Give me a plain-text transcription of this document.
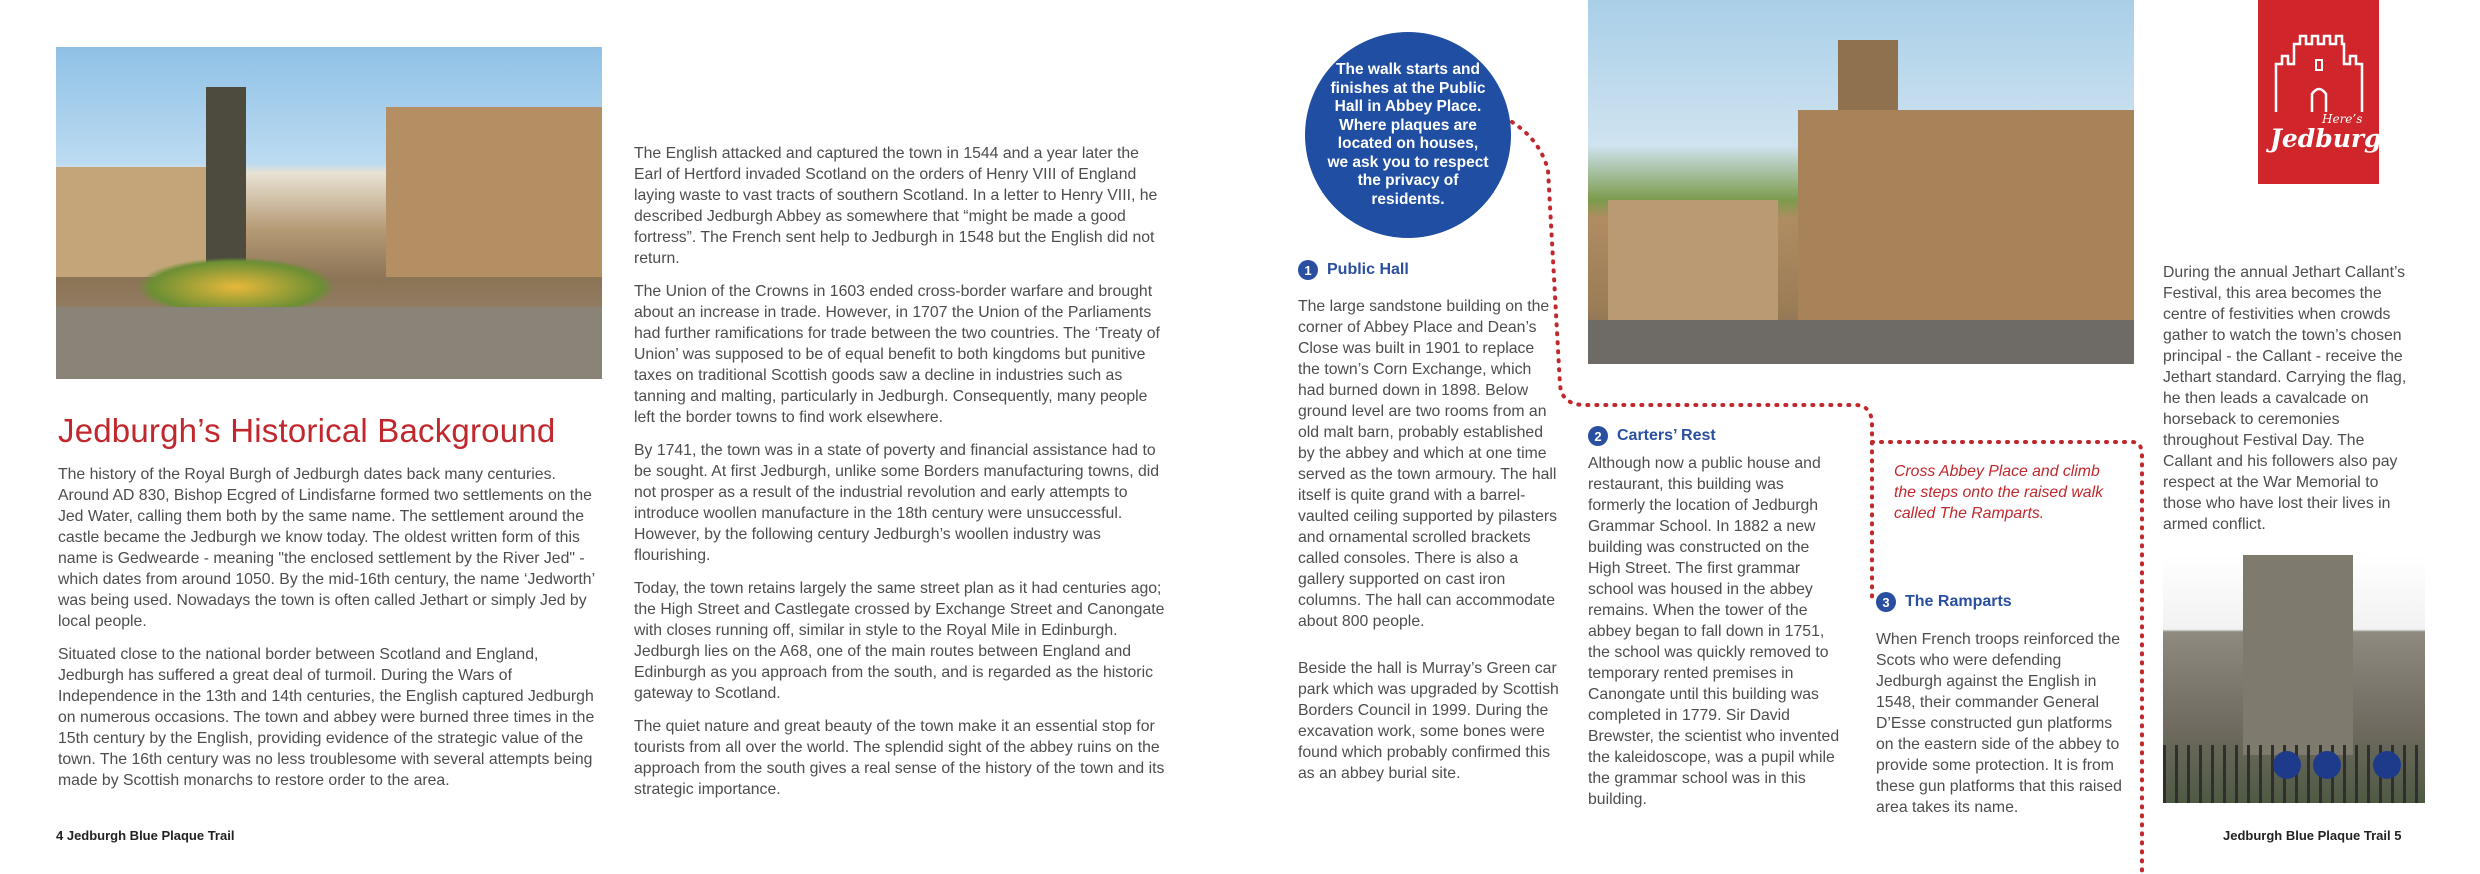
Jedburgh’s Historical Background

The history of the Royal Burgh of Jedburgh dates back many centuries. Around AD 830, Bishop Ecgred of Lindisfarne formed two settlements on the Jed Water, calling them both by the same name. The settlement around the castle became the Jedburgh we know today. The oldest written form of this name is Gedwearde - meaning "the enclosed settlement by the River Jed" - which dates from around 1050. By the mid-16th century, the name ‘Jedworth’ was being used. Nowadays the town is often called Jethart or simply Jed by local people.

Situated close to the national border between Scotland and England, Jedburgh has suffered a great deal of turmoil. During the Wars of Independence in the 13th and 14th centuries, the English captured Jedburgh on numerous occasions. The town and abbey were burned three times in the 15th century by the English, providing evidence of the strategic value of the town. The 16th century was no less troublesome with several attempts being made by Scottish monarchs to restore order to the area.

The English attacked and captured the town in 1544 and a year later the Earl of Hertford invaded Scotland on the orders of Henry VIII of England laying waste to vast tracts of southern Scotland. In a letter to Henry VIII, he described Jedburgh Abbey as somewhere that “might be made a good fortress”. The French sent help to Jedburgh in 1548 but the English did not return.

The Union of the Crowns in 1603 ended cross-border warfare and brought about an increase in trade. However, in 1707 the Union of the Parliaments had further ramifications for trade between the two countries. The ‘Treaty of Union’ was supposed to be of equal benefit to both kingdoms but punitive taxes on traditional Scottish goods saw a decline in industries such as tanning and malting, particularly in Jedburgh. Consequently, many people left the border towns to find work elsewhere.

By 1741, the town was in a state of poverty and financial assistance had to be sought. At first Jedburgh, unlike some Borders manufacturing towns, did not prosper as a result of the industrial revolution and early attempts to introduce woollen manufacture in the 18th century were unsuccessful. However, by the following century Jedburgh’s woollen industry was flourishing.

Today, the town retains largely the same street plan as it had centuries ago; the High Street and Castlegate crossed by Exchange Street and Canongate with closes running off, similar in style to the Royal Mile in Edinburgh. Jedburgh lies on the A68, one of the main routes between England and Edinburgh as you approach from the south, and is regarded as the historic gateway to Scotland.

The quiet nature and great beauty of the town make it an essential stop for tourists from all over the world. The splendid sight of the abbey ruins on the approach from the south gives a real sense of the history of the town and its strategic importance.

4 Jedburgh Blue Plaque Trail
The walk starts and finishes at the Public Hall in Abbey Place. Where plaques are located on houses, we ask you to respect the privacy of residents.
Here’s
Jedburgh
1 Public Hall

The large sandstone building on the corner of Abbey Place and Dean’s Close was built in 1901 to replace the town’s Corn Exchange, which had burned down in 1898. Below ground level are two rooms from an old malt barn, probably established by the abbey and which at one time served as the town armoury. The hall itself is quite grand with a barrel-vaulted ceiling supported by pilasters and ornamental scrolled brackets called consoles. There is also a gallery supported on cast iron columns. The hall can accommodate about 800 people.

Beside the hall is Murray’s Green car park which was upgraded by Scottish Borders Council in 1999. During the excavation work, some bones were found which probably confirmed this as an abbey burial site.

2 Carters’ Rest

Although now a public house and restaurant, this building was formerly the location of Jedburgh Grammar School. In 1882 a new building was constructed on the High Street. The first grammar school was housed in the abbey remains. When the tower of the abbey began to fall down in 1751, the school was quickly removed to temporary rented premises in Canongate until this building was completed in 1779. Sir David Brewster, the scientist who invented the kaleidoscope, was a pupil while the grammar school was in this building.

Cross Abbey Place and climb the steps onto the raised walk called The Ramparts.
3 The Ramparts

When French troops reinforced the Scots who were defending Jedburgh against the English in 1548, their commander General D’Esse constructed gun platforms on the eastern side of the abbey to provide some protection. It is from these gun platforms that this raised area takes its name.

During the annual Jethart Callant’s Festival, this area becomes the centre of festivities when crowds gather to watch the town’s chosen principal - the Callant - receive the Jethart standard. Carrying the flag, he then leads a cavalcade on horseback to ceremonies throughout Festival Day. The Callant and his followers also pay respect at the War Memorial to those who have lost their lives in armed conflict.

Jedburgh Blue Plaque Trail 5
